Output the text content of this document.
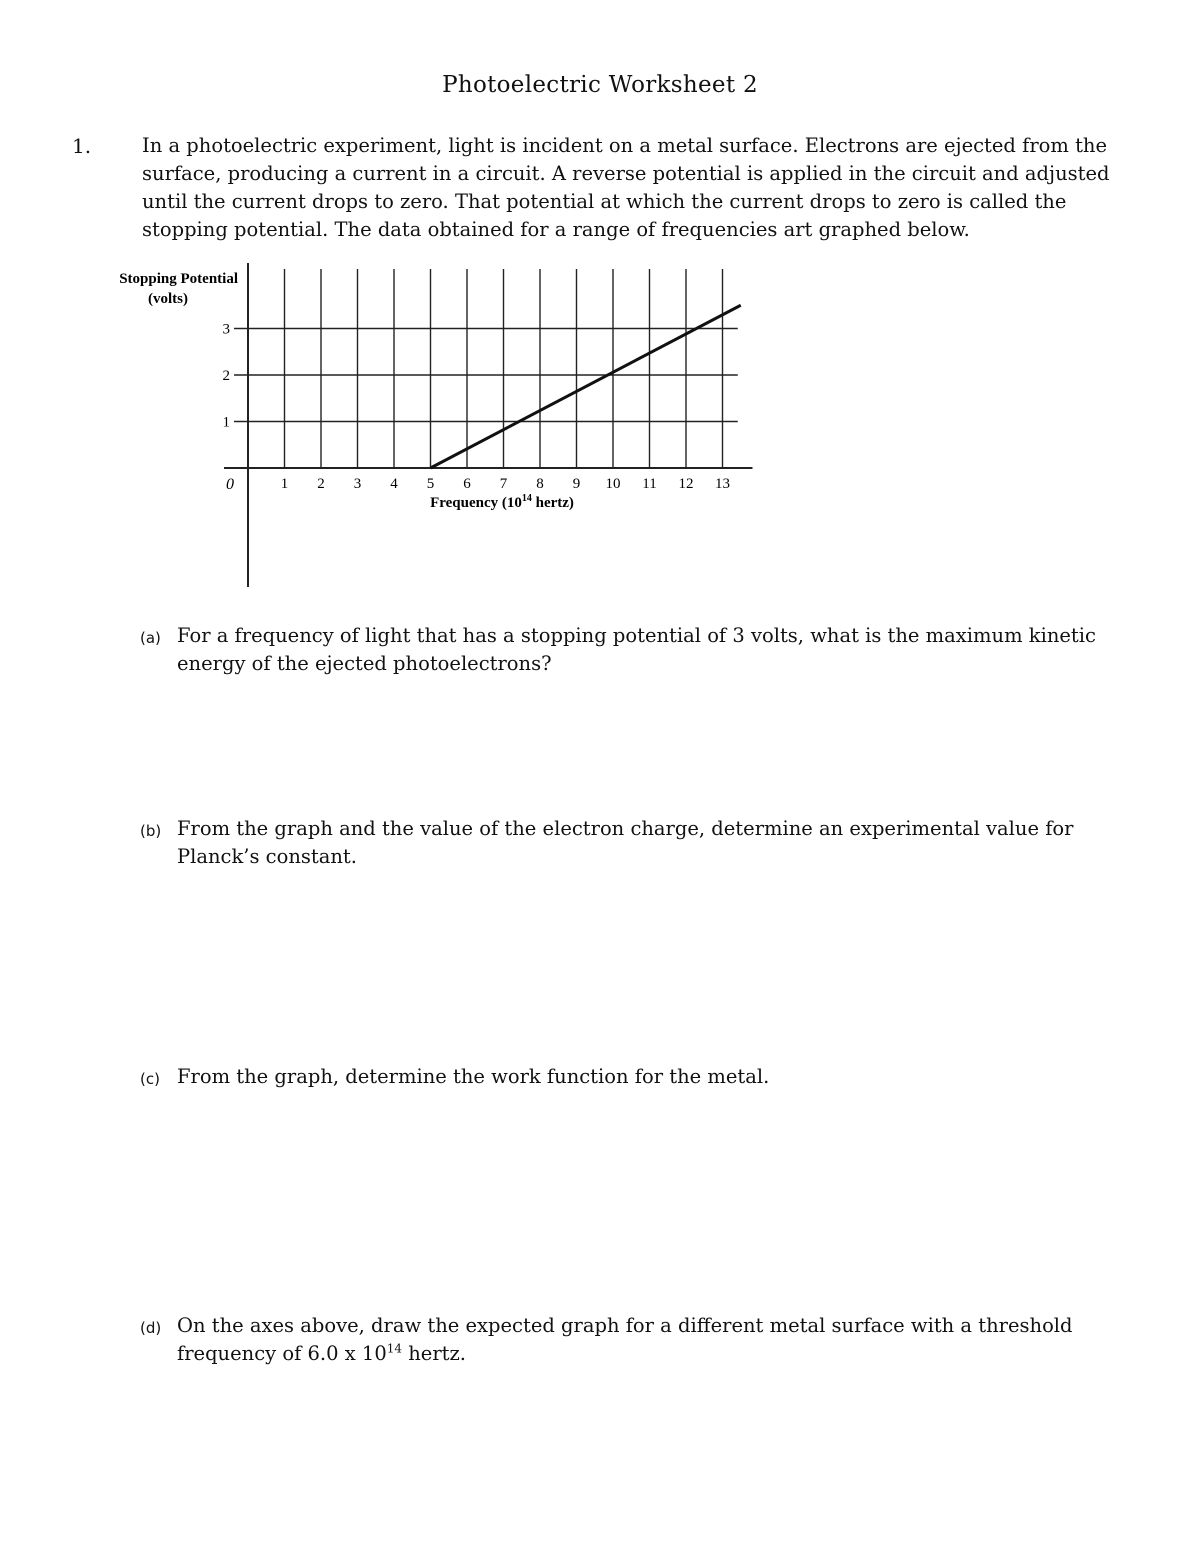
Photoelectric Worksheet 2
1.	In a photoelectric experiment, light is incident on a metal surface. Electrons are ejected from the surface, producing a current in a circuit. A reverse potential is applied in the circuit and adjusted until the current drops to zero. That potential at which the current drops to zero is called the stopping potential. The data obtained for a range of frequencies art graphed below.
1 2 3 4 5 6 7 8 9 10 11 12 13
1
2
3
0
Stopping Potential
(volts)
Frequency ($10^{14}$ hertz)
(a) For a frequency of light that has a stopping potential of 3 volts, what is the maximum kinetic energy of the ejected photoelectrons?
(b) From the graph and the value of the electron charge, determine an experimental value for Planck’s constant.
(c) From the graph, determine the work function for the metal.
(d) On the axes above, draw the expected graph for a different metal surface with a threshold frequency of 6.0 x $10^{14}$ hertz.
